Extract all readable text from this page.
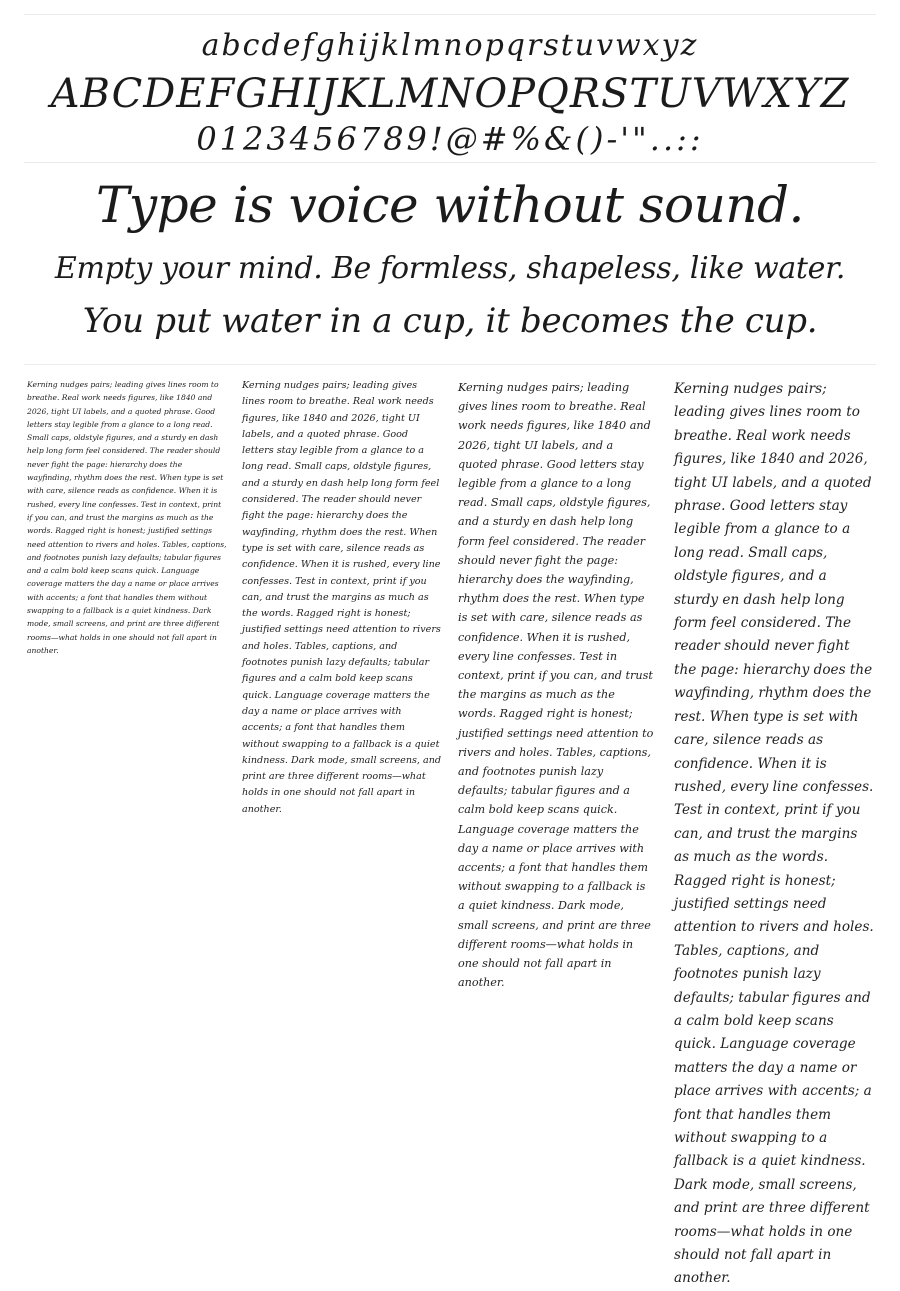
abcdefghijklmnopqrstuvwxyz
ABCDEFGHIJKLMNOPQRSTUVWXYZ
0123456789!@#%&()-'"..::
Type is voice without sound.
Empty your mind. Be formless, shapeless, like water.
You put water in a cup, it becomes the cup.
Kerning nudges pairs; leading gives lines room to breathe. Real work needs figures, like 1840 and 2026, tight UI labels, and a quoted phrase. Good letters stay legible from a glance to a long read. Small caps, oldstyle figures, and a sturdy en dash help long form feel considered. The reader should never fight the page: hierarchy does the wayfinding, rhythm does the rest. When type is set with care, silence reads as confidence. When it is rushed, every line confesses. Test in context, print if you can, and trust the margins as much as the words. Ragged right is honest; justified settings need attention to rivers and holes. Tables, captions, and footnotes punish lazy defaults; tabular figures and a calm bold keep scans quick. Language coverage matters the day a name or place arrives with accents; a font that handles them without swapping to a fallback is a quiet kindness. Dark mode, small screens, and print are three different rooms—what holds in one should not fall apart in another.
Kerning nudges pairs; leading gives lines room to breathe. Real work needs figures, like 1840 and 2026, tight UI labels, and a quoted phrase. Good letters stay legible from a glance to a long read. Small caps, oldstyle figures, and a sturdy en dash help long form feel considered. The reader should never fight the page: hierarchy does the wayfinding, rhythm does the rest. When type is set with care, silence reads as confidence. When it is rushed, every line confesses. Test in context, print if you can, and trust the margins as much as the words. Ragged right is honest; justified settings need attention to rivers and holes. Tables, captions, and footnotes punish lazy defaults; tabular figures and a calm bold keep scans quick. Language coverage matters the day a name or place arrives with accents; a font that handles them without swapping to a fallback is a quiet kindness. Dark mode, small screens, and print are three different rooms—what holds in one should not fall apart in another.
Kerning nudges pairs; leading gives lines room to breathe. Real work needs figures, like 1840 and 2026, tight UI labels, and a quoted phrase. Good letters stay legible from a glance to a long read. Small caps, oldstyle figures, and a sturdy en dash help long form feel considered. The reader should never fight the page: hierarchy does the wayfinding, rhythm does the rest. When type is set with care, silence reads as confidence. When it is rushed, every line confesses. Test in context, print if you can, and trust the margins as much as the words. Ragged right is honest; justified settings need attention to rivers and holes. Tables, captions, and footnotes punish lazy defaults; tabular figures and a calm bold keep scans quick. Language coverage matters the day a name or place arrives with accents; a font that handles them without swapping to a fallback is a quiet kindness. Dark mode, small screens, and print are three different rooms—what holds in one should not fall apart in another.
Kerning nudges pairs; leading gives lines room to breathe. Real work needs figures, like 1840 and 2026, tight UI labels, and a quoted phrase. Good letters stay legible from a glance to a long read. Small caps, oldstyle figures, and a sturdy en dash help long form feel considered. The reader should never fight the page: hierarchy does the wayfinding, rhythm does the rest. When type is set with care, silence reads as confidence. When it is rushed, every line confesses. Test in context, print if you can, and trust the margins as much as the words. Ragged right is honest; justified settings need attention to rivers and holes. Tables, captions, and footnotes punish lazy defaults; tabular figures and a calm bold keep scans quick. Language coverage matters the day a name or place arrives with accents; a font that handles them without swapping to a fallback is a quiet kindness. Dark mode, small screens, and print are three different rooms—what holds in one should not fall apart in another.
